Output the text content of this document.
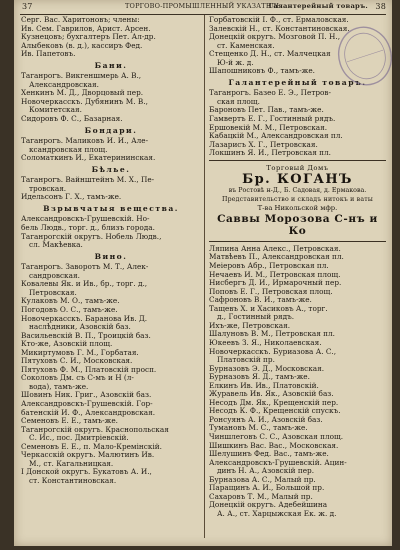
37	ТОРГОВО-ПРОМЫШЛЕННЫЙ УКАЗАТЕЛЬ
Галантерейный товаръ. 38
Серг. Вас. Харитоновъ; члены:
Ив. Сем. Гаврилов, Арист. Арсен.
Кузнецовъ; бухгалтеръ Пет. Ал-др.
Алыбековъ (в. д.), кассиръ Фед.
Ив. Папетовъ.
Бани.
Таганрогъ. Викгеншмерь А. В.,
Александровская.
Хенкинъ М. Д., Дворцовый пер.
Новочеркасскъ. Дубянинъ М. В.,
Комитетская.
Сидоровъ Ф. С., Базарная.
Бондари.
Таганрогъ. Маликовъ И. И., Але-
ксандровская площ.
Соломаткинъ И., Екатерининская.
Бѣлье.
Таганрогъ. Вайнштейнъ М. Х., Пе-
тровская.
Идельсонъ Г. Х., тамъ-же.
Взрывчатыя вещества.
Александровскъ-Грушевскій. Но-
бель Людв., торг. д., близъ города.
Таганрогскій округъ. Нобель Людв.,
сл. Макѣевка.
Вино.
Таганрогъ. Заворотъ М. Т., Алек-
сандровская.
Ковалевы Як. и Ив., бр., торг. д.,
Петровская.
Кулаковъ М. О., тамъ-же.
Погодовъ О. С., тамъ-же.
Новочеркасскъ. Баранова Ив. Д.
наслѣдники, Азовскій баз.
Васильевскій В. П., Троицкій баз.
Кто-же, Азовскій площ.
Микиртумовъ Г. М., Горбатая.
Пятуховъ С. И., Московская.
Пятуховъ Ф. М., Платовскій просп.
Соколовъ Дм. съ С-мъ и Н (л-
вода), тамъ-же.
Шовинъ Ник. Григ., Азовскій баз.
Александровскъ-Грушевскій. Гор-
батенскій И. Ф., Александровская.
Семеновъ Е. Е., тамъ-же.
Таганрогскій округъ. Краснопольская
С. Ис., пос. Дмитріевскій.
Семеновъ Е. Е., п. Мало-Кремінскій.
Черкасскій округъ. Малютинъ Ив.
М., ст. Кагальницкая.
I Донской округъ. Букатовъ А. И.,
ст. Константиновская.
Горбатовскій I. Ф., ст. Ермаловская.
Залевскій Н., ст. Константиновская.
Донецкій округъ. Мозговой П. Н.,
ст. Каменская.
Стещенко Д. Н., ст. Малчецкая
Ю-й ж. д.
Шапошниковъ Ф., тамъ-же.
Галантерейный товаръ.
Таганрогъ. Базео Е. Э., Петров-
ская площ.
Бароновъ Пет. Пав., тамъ-же.
Гамвертъ Е. Г., Гостинный рядъ.
Ершовекій М. М., Петровская.
Кабацкій М., Александровская пл.
Лазарисъ X. Г., Петровская.
Локшинъ Я. И., Петровская пл.
Торговый Домъ
Бр. КОГАНЪ
въ Ростовѣ н-Д., Б. Садовая, д. Ермакова.
Представительство и складъ нитокъ и ваты
Т-ва Никольской мфр.
Саввы Морозова С-нъ и Ко
Ляпина Анна Алекс., Петровская.
Матвѣевъ П., Александровская пл.
Меіеровъ Абр., Петровская пл.
Нечаевъ И. М., Петровская площ.
Нисбергъ Д. И., Ирмарочный пер.
Поповъ Е. Г., Петровская площ.
Сафроновъ В. И., тамъ-же.
Тащевъ X. и Хасиковъ А., торг.
д., Гостинный рядъ.
Ихъ-же, Петровская.
Шалуновъ В. М., Петровская пл.
Юкеевъ З. Я., Николаевская.
Новочеркасскъ. Буриазова А. С.,
Платовскій пр.
Бурназовъ Э. Д., Московская.
Бурназовъ Я. Д., тамъ-же.
Елкинъ Ив. Ив., Платовскій.
Журавель Ив. Як., Азовскій баз.
Несодъ Дм. Як., Крещенскій пер.
Несодъ К. Ф., Крещенскій спускъ.
Ронсуянъ А. И., Азовскій баз.
Тумановъ М. С., тамъ-же.
Чиншлеговъ С. С., Азовская площ.
Шишкинъ Вас. Вас., Московская.
Шелушинъ Фед. Вас., тамъ-же.
Александровскъ-Грушевскій. Ацин-
динъ Н. А., Азовскій пер.
Бурназова А. С., Малый пр.
Паращинъ А. И., Большой пр.
Сахаровъ Т. М., Малый пр.
Донецкій округъ. Адебейшина
А. А., ст. Харцыжская Ек. ж. д.
